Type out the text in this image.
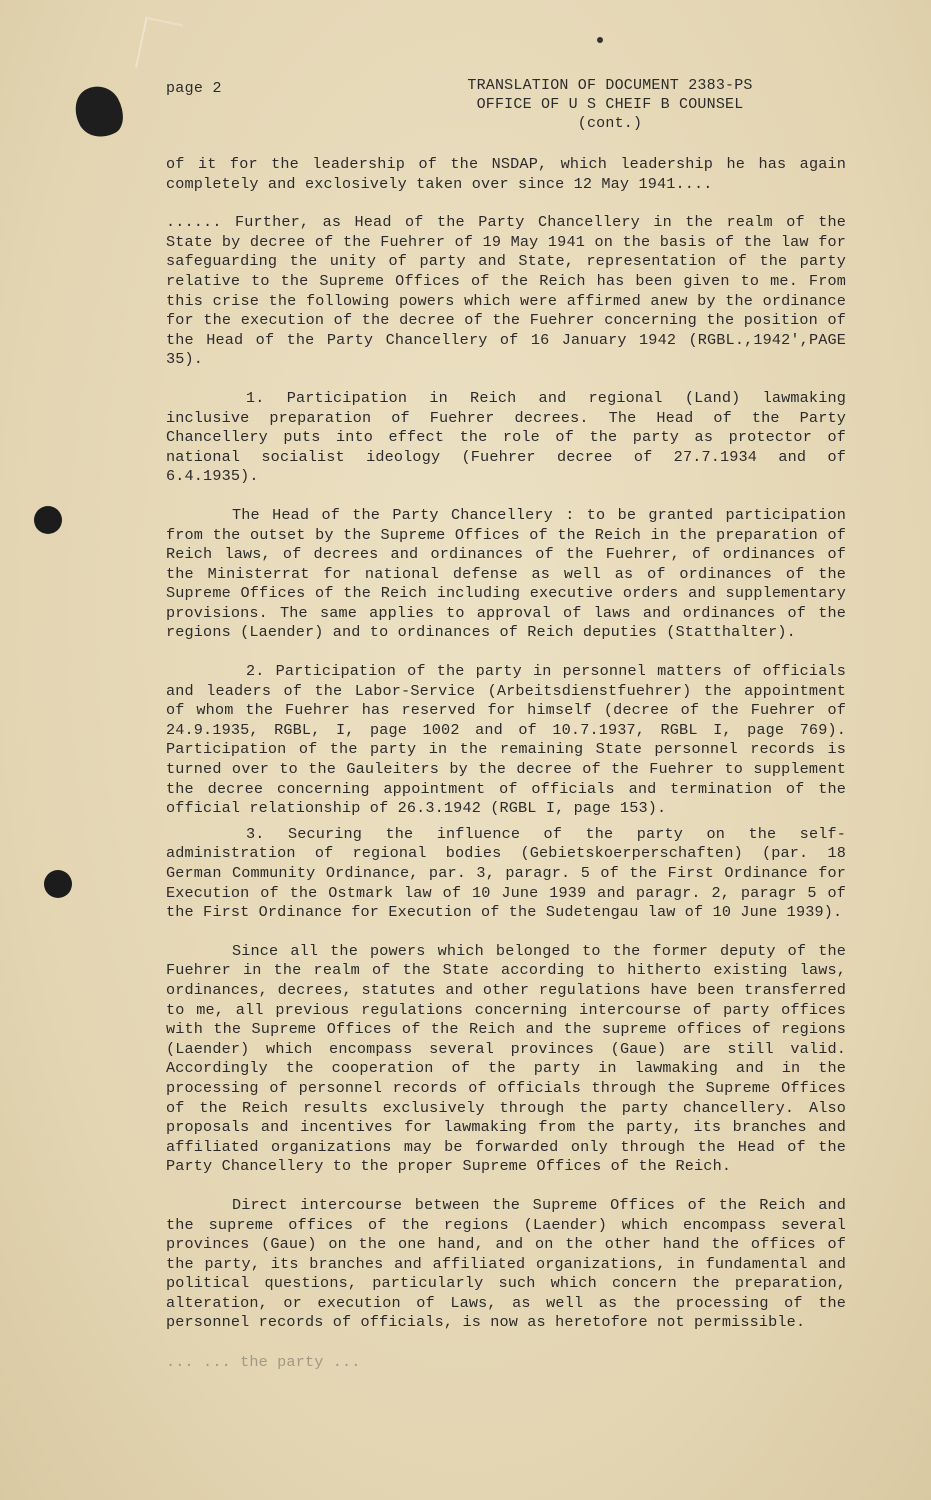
page 2	TRANSLATION OF DOCUMENT 2383-PS
OFFICE OF U S CHEIF B COUNSEL
(cont.)

of it for the leadership of the NSDAP, which leadership he has again completely and exclosively taken over since 12 May 1941....

...... Further, as Head of the Party Chancellery in the realm of the State by decree of the Fuehrer of 19 May 1941 on the basis of the law for safeguarding the unity of party and State, representation of the party relative to the Supreme Offices of the Reich has been given to me. From this crise the following powers which were affirmed anew by the ordinance for the execution of the decree of the Fuehrer concerning the position of the Head of the Party Chancellery of 16 January 1942 (RGBL.,1942',PAGE 35).

1. Participation in Reich and regional (Land) lawmaking inclusive preparation of Fuehrer decrees. The Head of the Party Chancellery puts into effect the role of the party as protector of national socialist ideology (Fuehrer decree of 27.7.1934 and of 6.4.1935).

The Head of the Party Chancellery : to be granted participation from the outset by the Supreme Offices of the Reich in the preparation of Reich laws, of decrees and ordinances of the Fuehrer, of ordinances of the Ministerrat for national defense as well as of ordinances of the Supreme Offices of the Reich including executive orders and supplementary provisions. The same applies to approval of laws and ordinances of the regions (Laender) and to ordinances of Reich deputies (Statthalter).

2. Participation of the party in personnel matters of officials and leaders of the Labor-Service (Arbeitsdienstfuehrer) the appointment of whom the Fuehrer has reserved for himself (decree of the Fuehrer of 24.9.1935, RGBL, I, page 1002 and of 10.7.1937, RGBL I, page 769). Participation of the party in the remaining State personnel records is turned over to the Gauleiters by the decree of the Fuehrer to supplement the decree concerning appointment of officials and termination of the official relationship of 26.3.1942 (RGBL I, page 153).

3. Securing the influence of the party on the self-administration of regional bodies (Gebietskoerperschaften) (par. 18 German Community Ordinance, par. 3, paragr. 5 of the First Ordinance for Execution of the Ostmark law of 10 June 1939 and paragr. 2, paragr 5 of the First Ordinance for Execution of the Sudetengau law of 10 June 1939).

Since all the powers which belonged to the former deputy of the Fuehrer in the realm of the State according to hitherto existing laws, ordinances, decrees, statutes and other regulations have been transferred to me, all previous regulations concerning intercourse of party offices with the Supreme Offices of the Reich and the supreme offices of regions (Laender) which encompass several provinces (Gaue) are still valid. Accordingly the cooperation of the party in lawmaking and in the processing of personnel records of officials through the Supreme Offices of the Reich results exclusively through the party chancellery. Also proposals and incentives for lawmaking from the party, its branches and affiliated organizations may be forwarded only through the Head of the Party Chancellery to the proper Supreme Offices of the Reich.

Direct intercourse between the Supreme Offices of the Reich and the supreme offices of the regions (Laender) which encompass several provinces (Gaue) on the one hand, and on the other hand the offices of the party, its branches and affiliated organizations, in fundamental and political questions, particularly such which concern the preparation, alteration, or execution of Laws, as well as the processing of the personnel records of officials, is now as heretofore not permissible.

... ... the party ...
